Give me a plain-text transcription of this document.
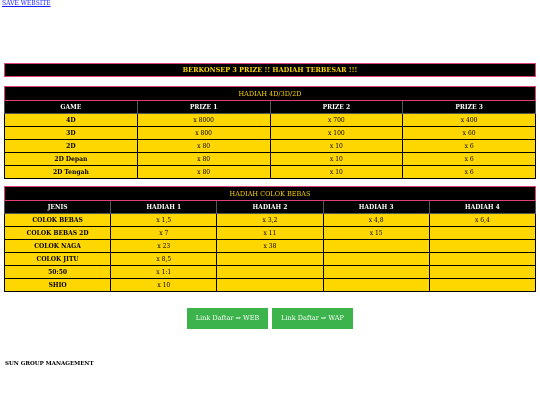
SAVE WEBSITE
BERKONSEP 3 PRIZE !! HADIAH TERBESAR !!!
HADIAH 4D/3D/2D			
GAME	PRIZE 1	PRIZE 2	PRIZE 3
4D	x 8000	x 700	x 400
3D	x 800	x 100	x 60
2D	x 80	x 10	x 6
2D Depan	x 80	x 10	x 6
2D Tengah	x 80	x 10	x 6
HADIAH COLOK BEBAS				
JENIS	HADIAH 1	HADIAH 2	HADIAH 3	HADIAH 4
COLOK BEBAS	x 1,5	x 3,2	x 4,8	x 6,4
COLOK BEBAS 2D	x 7	x 11	x 15	
COLOK NAGA	x 23	x 38		
COLOK JITU	x 8,5			
50:50	x 1:1			
SHIO	x 10			
Link Daftar ⇒ WEB	Link Daftar ⇒ WAP
SUN GROUP MANAGEMENT
